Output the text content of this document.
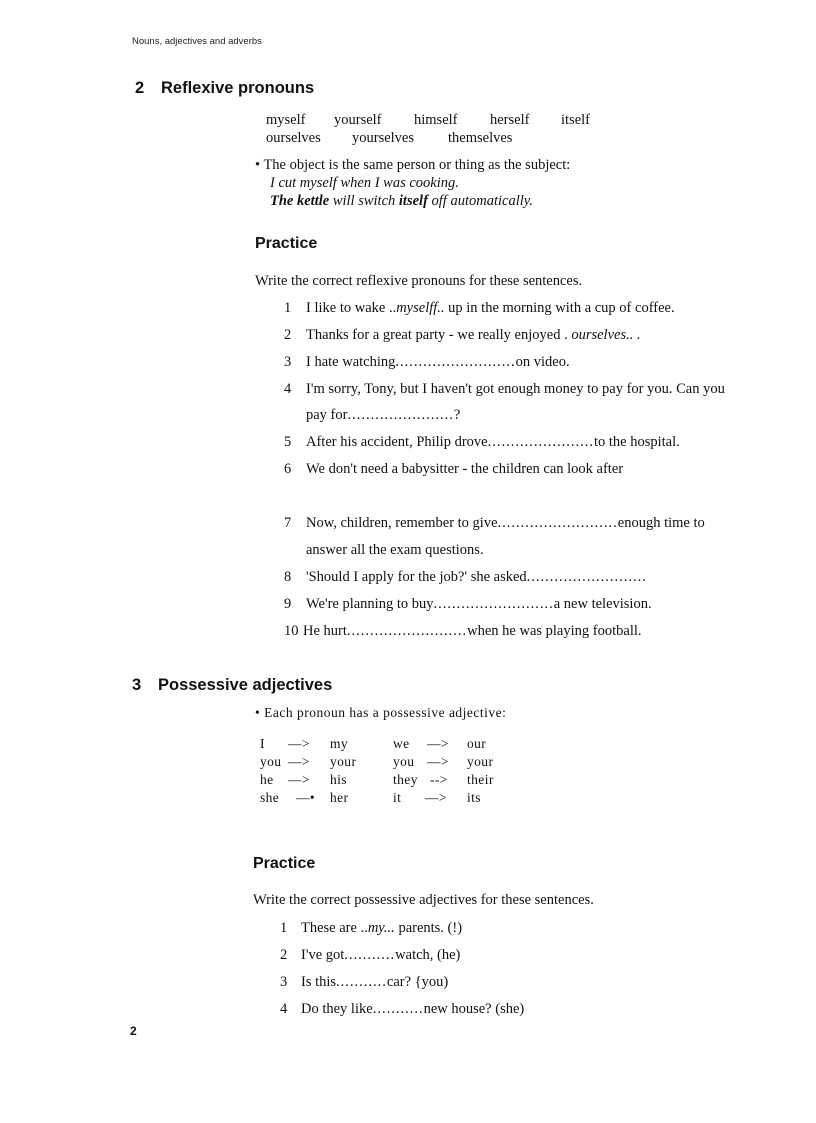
Nouns, adjectives and adverbs
2 Reflexive pronouns
myself yourself himself herself itself
ourselves yourselves themselves
• The object is the same person or thing as the subject:
I cut myself when I was cooking.
The kettle will switch itself off automatically.
Practice
Write the correct reflexive pronouns for these sentences.
1 I like to wake ..myselff.. up in the morning with a cup of coffee.
2 Thanks for a great party - we really enjoyed . ourselves.. .
3 I hate watching..........................on video.
4 I'm sorry, Tony, but I haven't got enough money to pay for you. Can you
pay for.......................?
5 After his accident, Philip drove.......................to the hospital.
6 We don't need a babysitter - the children can look after
7 Now, children, remember to give..........................enough time to
answer all the exam questions.
8 'Should I apply for the job?' she asked..........................
9 We're planning to buy..........................a new television.
10 He hurt..........................when he was playing football.
3 Possessive adjectives
• Each pronoun has a possessive adjective:
I —> my	we —> our
you —> your	you —> your
he —> his	they --> their
she —• her	it —> its
Practice
Write the correct possessive adjectives for these sentences.
1 These are ..my... parents. (!)
2 I've got...........watch, (he)
3 Is this...........car? {you)
4 Do they like...........new house? (she)
2
